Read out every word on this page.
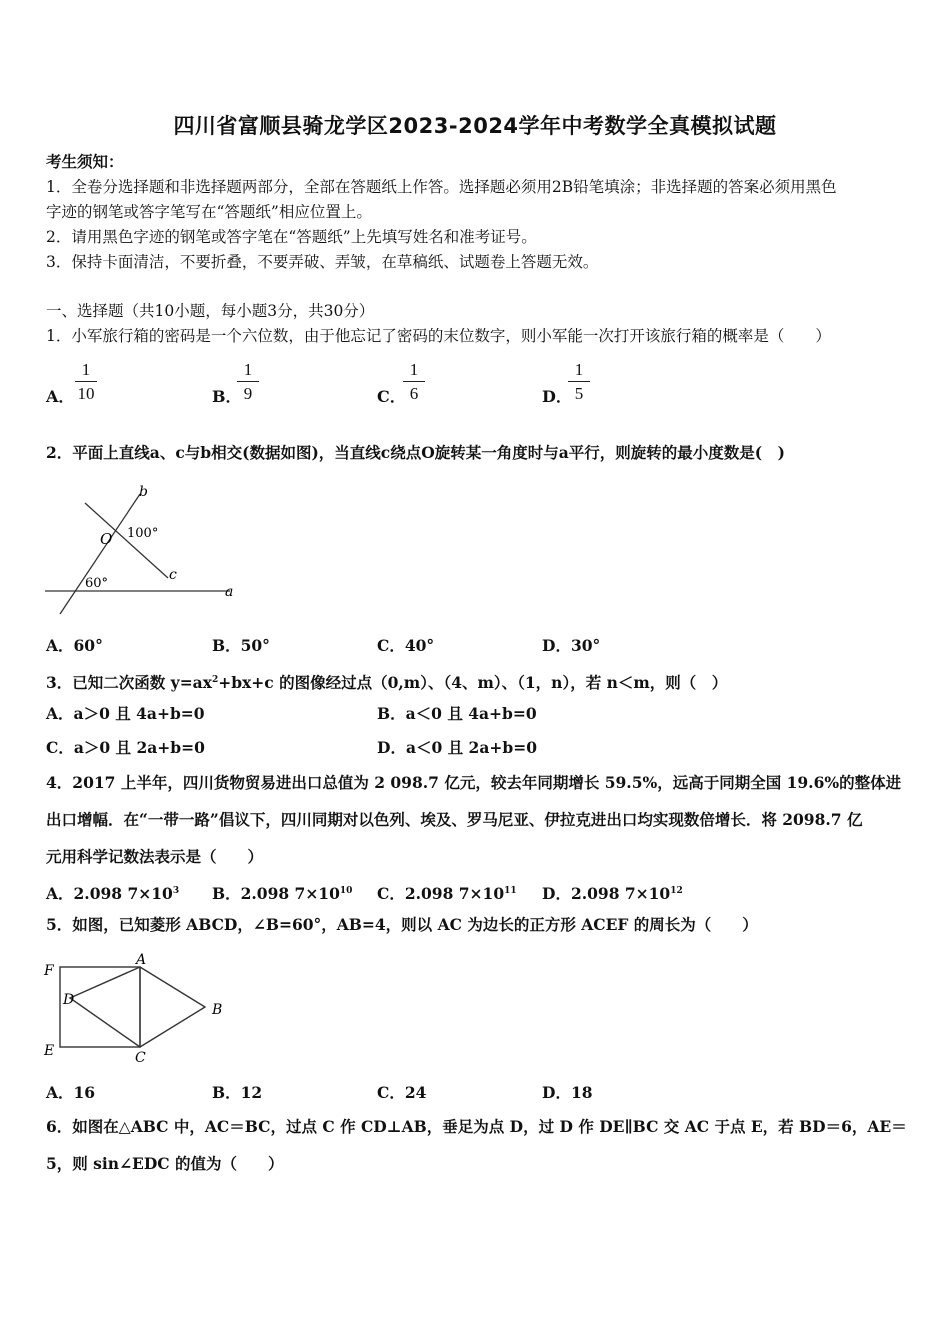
四川省富顺县骑龙学区2023-2024学年中考数学全真模拟试题
考生须知：
1．全卷分选择题和非选择题两部分，全部在答题纸上作答。选择题必须用2B铅笔填涂；非选择题的答案必须用黑色
字迹的钢笔或答字笔写在“答题纸”相应位置上。
2．请用黑色字迹的钢笔或答字笔在“答题纸”上先填写姓名和准考证号。
3．保持卡面清洁，不要折叠，不要弄破、弄皱，在草稿纸、试题卷上答题无效。
一、选择题（共10小题，每小题3分，共30分）
1．小军旅行箱的密码是一个六位数，由于他忘记了密码的末位数字，则小军能一次打开该旅行箱的概率是（　　）
A．
1
10	B．
1
9	C．
1
6	D．
1
5
2．平面上直线a、c与b相交(数据如图)，当直线c绕点O旋转某一角度时与a平行，则旋转的最小度数是(　)
b
O 100°
c
60°
a
A．60°	B．50°	C．40°	D．30°
3．已知二次函数 $y=ax^2+bx+c$ 的图像经过点（0,m）、（4、m）、（1，n），若 n＜m，则（　）
A．a＞0 且 4a+b=0	B．a＜0 且 4a+b=0
C．a＞0 且 2a+b=0	D．a＜0 且 2a+b=0
4．2017 上半年，四川货物贸易进出口总值为 2 098.7 亿元，较去年同期增长 59.5%，远高于同期全国 19.6%的整体进
出口增幅．在“一带一路”倡议下，四川同期对以色列、埃及、罗马尼亚、伊拉克进出口均实现数倍增长．将 2098.7 亿
元用科学记数法表示是（　　）
A．2.098 $7\times 10^3$ B．2.098 $7\times 10^{10}$ C．2.098 $7\times 10^{11}$ D．2.098 $7\times 10^{12}$
5．如图，已知菱形 ABCD，∠B=60°，AB=4，则以 AC 为边长的正方形 ACEF 的周长为（　　）
F
A
D
B
E	C
A．16	B．12	C．24	D．18
6．如图在△ABC 中，AC＝BC，过点 C 作 CD⊥AB，垂足为点 D，过 D 作 DE∥BC 交 AC 于点 E，若 BD＝6，AE＝
5，则 sin∠EDC 的值为（　　）
